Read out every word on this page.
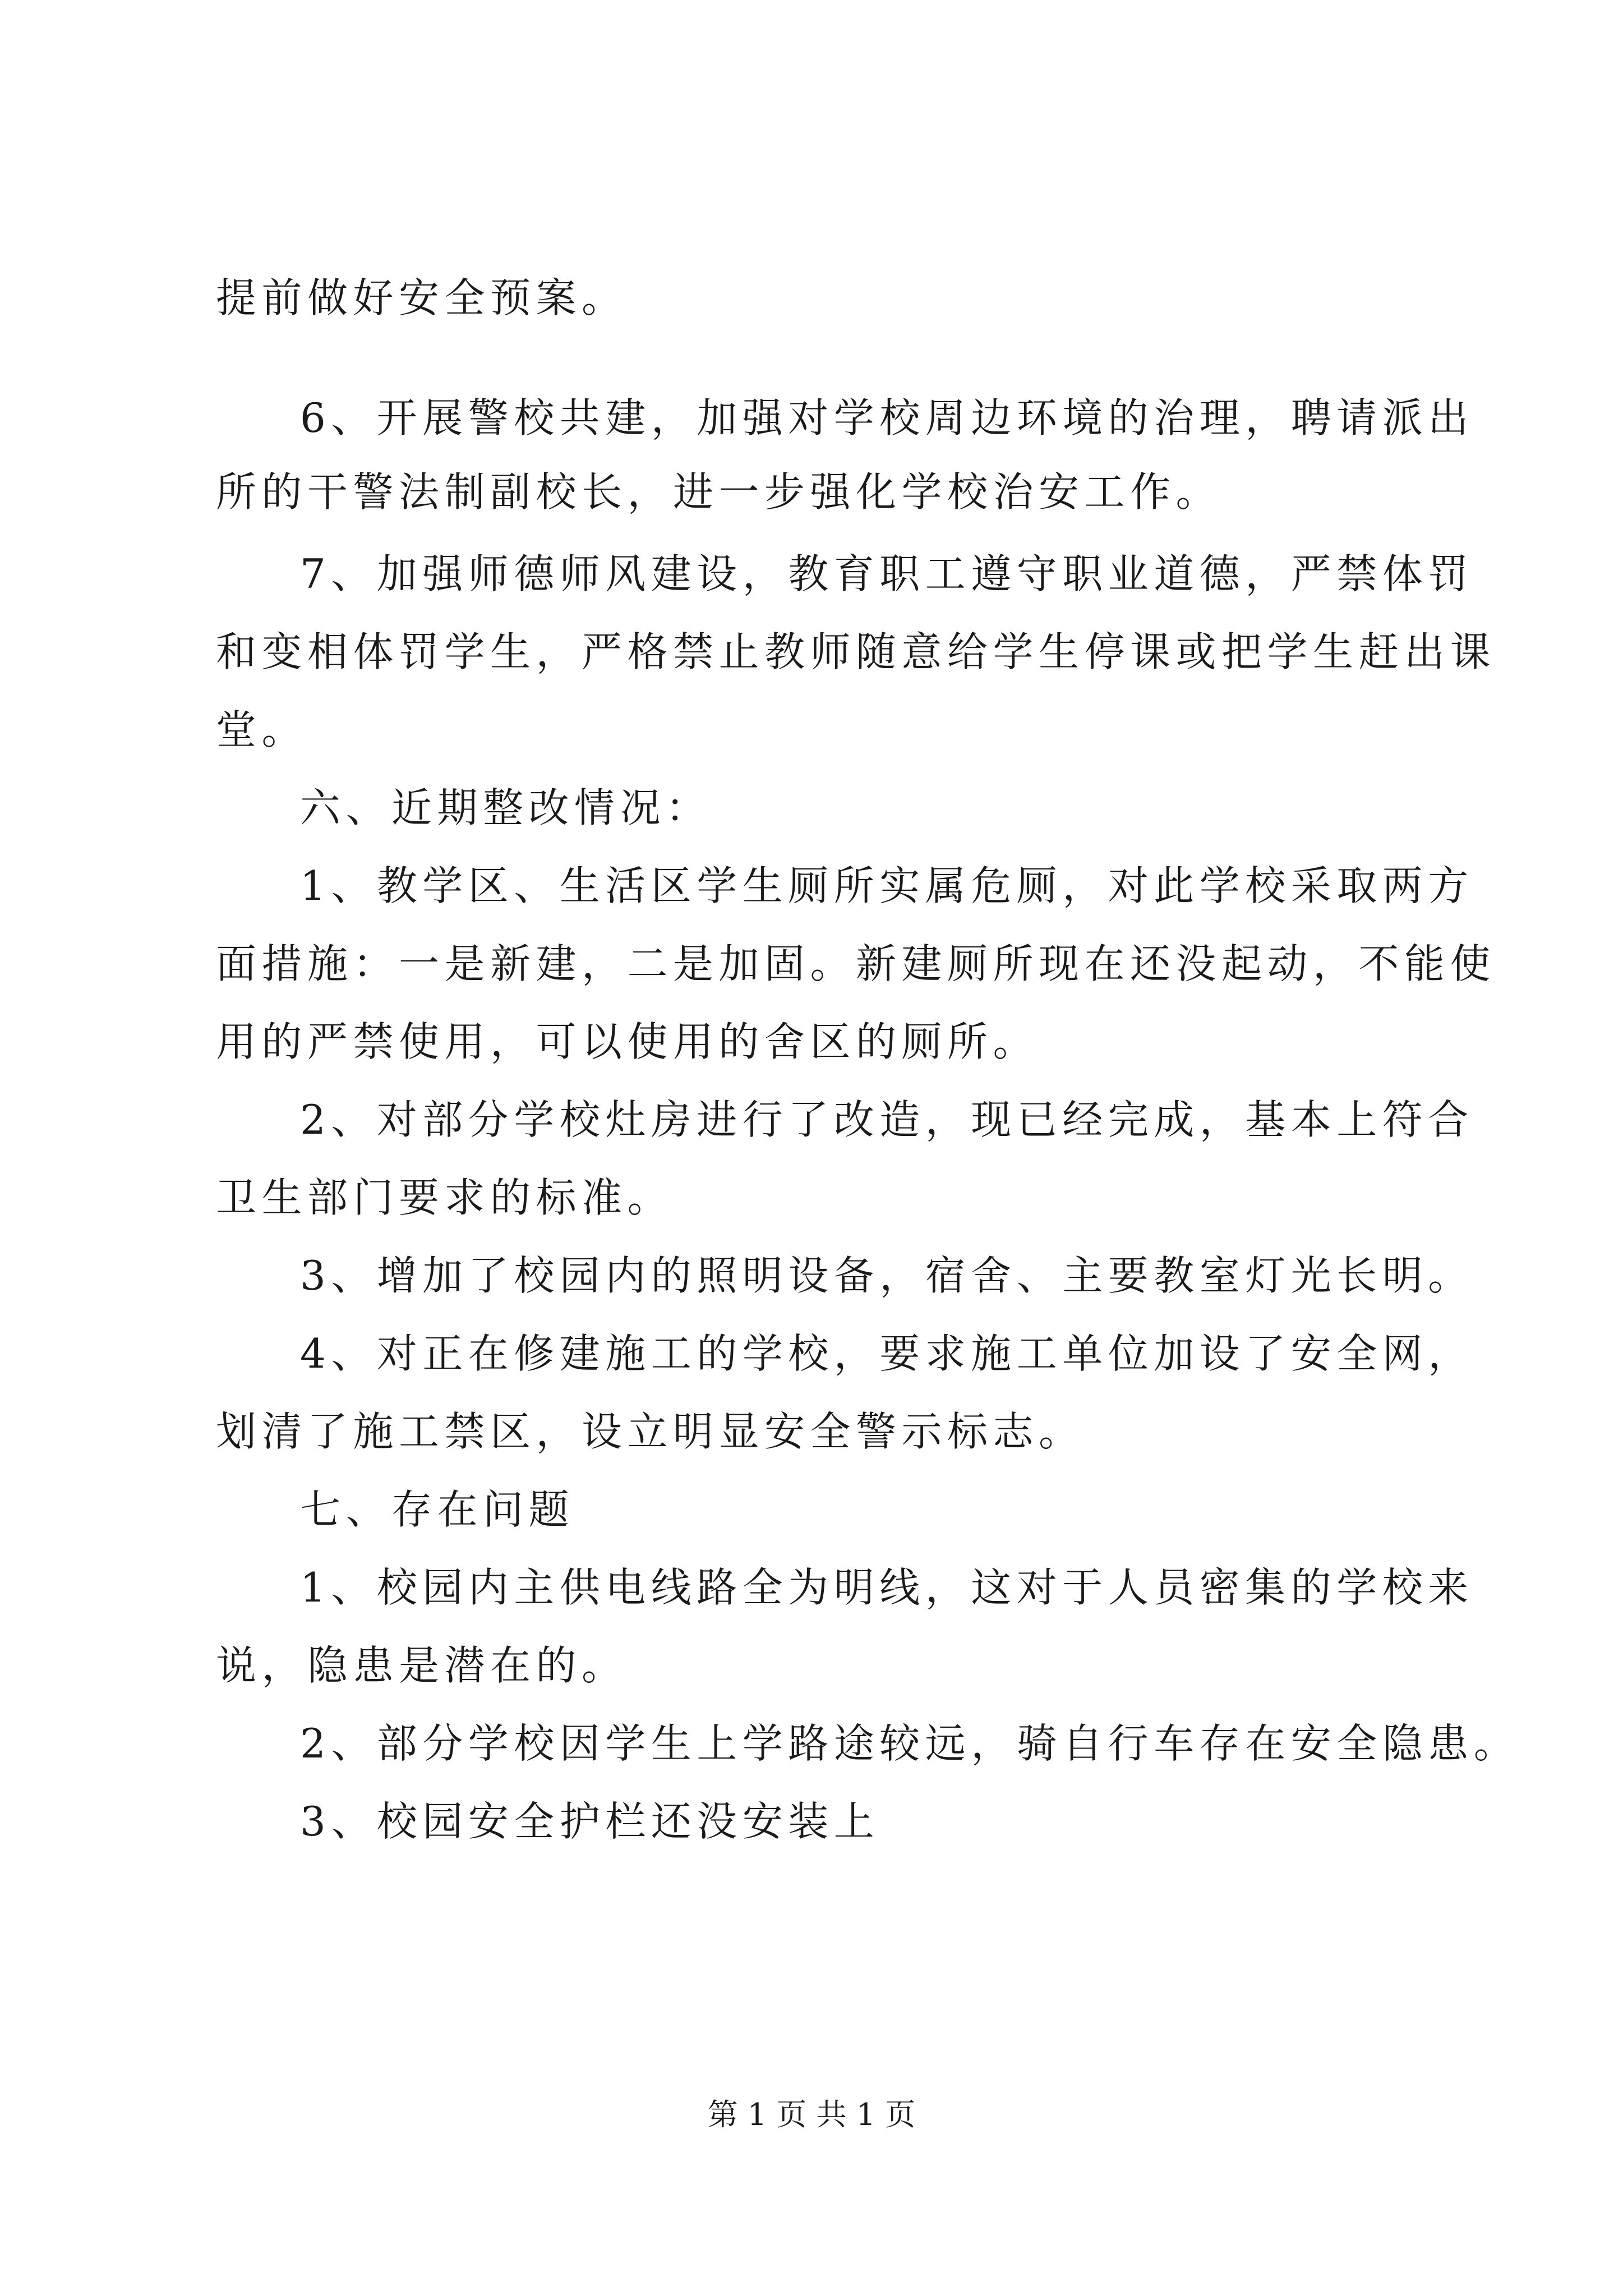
提前做好安全预案。

6、开展警校共建，加强对学校周边环境的治理，聘请派出

所的干警法制副校长，进一步强化学校治安工作。

7、加强师德师风建设，教育职工遵守职业道德，严禁体罚

和变相体罚学生，严格禁止教师随意给学生停课或把学生赶出课

堂。

六、近期整改情况：

1、教学区、生活区学生厕所实属危厕，对此学校采取两方

面措施：一是新建，二是加固。新建厕所现在还没起动，不能使

用的严禁使用，可以使用的舍区的厕所。

2、对部分学校灶房进行了改造，现已经完成，基本上符合

卫生部门要求的标准。

3、增加了校园内的照明设备，宿舍、主要教室灯光长明。

4、对正在修建施工的学校，要求施工单位加设了安全网，

划清了施工禁区，设立明显安全警示标志。

七、存在问题

1、校园内主供电线路全为明线，这对于人员密集的学校来

说，隐患是潜在的。

2、部分学校因学生上学路途较远，骑自行车存在安全隐患。

3、校园安全护栏还没安装上

第 1 页 共 1 页
